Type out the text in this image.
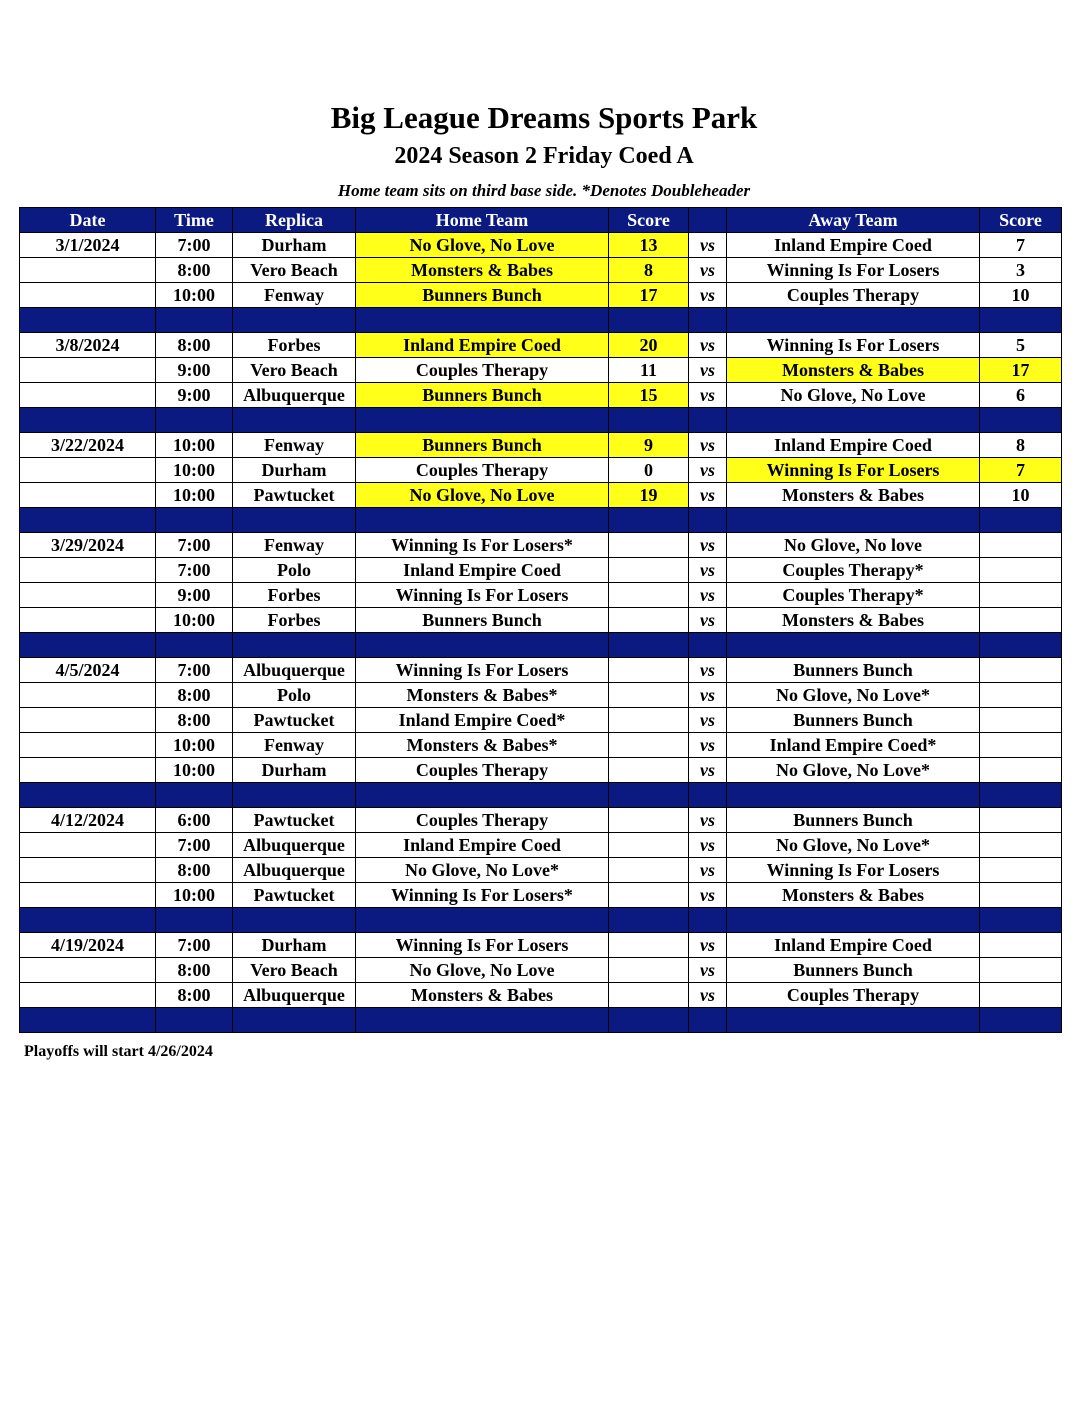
Big League Dreams Sports Park
2024 Season 2 Friday Coed A
Home team sits on third base side. *Denotes Doubleheader
Date	Time	Replica	Home Team	Score		Away Team	Score
3/1/2024	7:00	Durham	No Glove, No Love	13	vs	Inland Empire Coed	7
	8:00	Vero Beach	Monsters & Babes	8	vs	Winning Is For Losers	3
	10:00	Fenway	Bunners Bunch	17	vs	Couples Therapy	10

3/8/2024	8:00	Forbes	Inland Empire Coed	20	vs	Winning Is For Losers	5
	9:00	Vero Beach	Couples Therapy	11	vs	Monsters & Babes	17
	9:00	Albuquerque	Bunners Bunch	15	vs	No Glove, No Love	6

3/22/2024	10:00	Fenway	Bunners Bunch	9	vs	Inland Empire Coed	8
	10:00	Durham	Couples Therapy	0	vs	Winning Is For Losers	7
	10:00	Pawtucket	No Glove, No Love	19	vs	Monsters & Babes	10

3/29/2024	7:00	Fenway	Winning Is For Losers*		vs	No Glove, No love	
	7:00	Polo	Inland Empire Coed		vs	Couples Therapy*	
	9:00	Forbes	Winning Is For Losers		vs	Couples Therapy*	
	10:00	Forbes	Bunners Bunch		vs	Monsters & Babes	

4/5/2024	7:00	Albuquerque	Winning Is For Losers		vs	Bunners Bunch	
	8:00	Polo	Monsters & Babes*		vs	No Glove, No Love*	
	8:00	Pawtucket	Inland Empire Coed*		vs	Bunners Bunch	
	10:00	Fenway	Monsters & Babes*		vs	Inland Empire Coed*	
	10:00	Durham	Couples Therapy		vs	No Glove, No Love*	

4/12/2024	6:00	Pawtucket	Couples Therapy		vs	Bunners Bunch	
	7:00	Albuquerque	Inland Empire Coed		vs	No Glove, No Love*	
	8:00	Albuquerque	No Glove, No Love*		vs	Winning Is For Losers	
	10:00	Pawtucket	Winning Is For Losers*		vs	Monsters & Babes	

4/19/2024	7:00	Durham	Winning Is For Losers		vs	Inland Empire Coed	
	8:00	Vero Beach	No Glove, No Love		vs	Bunners Bunch	
	8:00	Albuquerque	Monsters & Babes		vs	Couples Therapy	

Playoffs will start 4/26/2024
